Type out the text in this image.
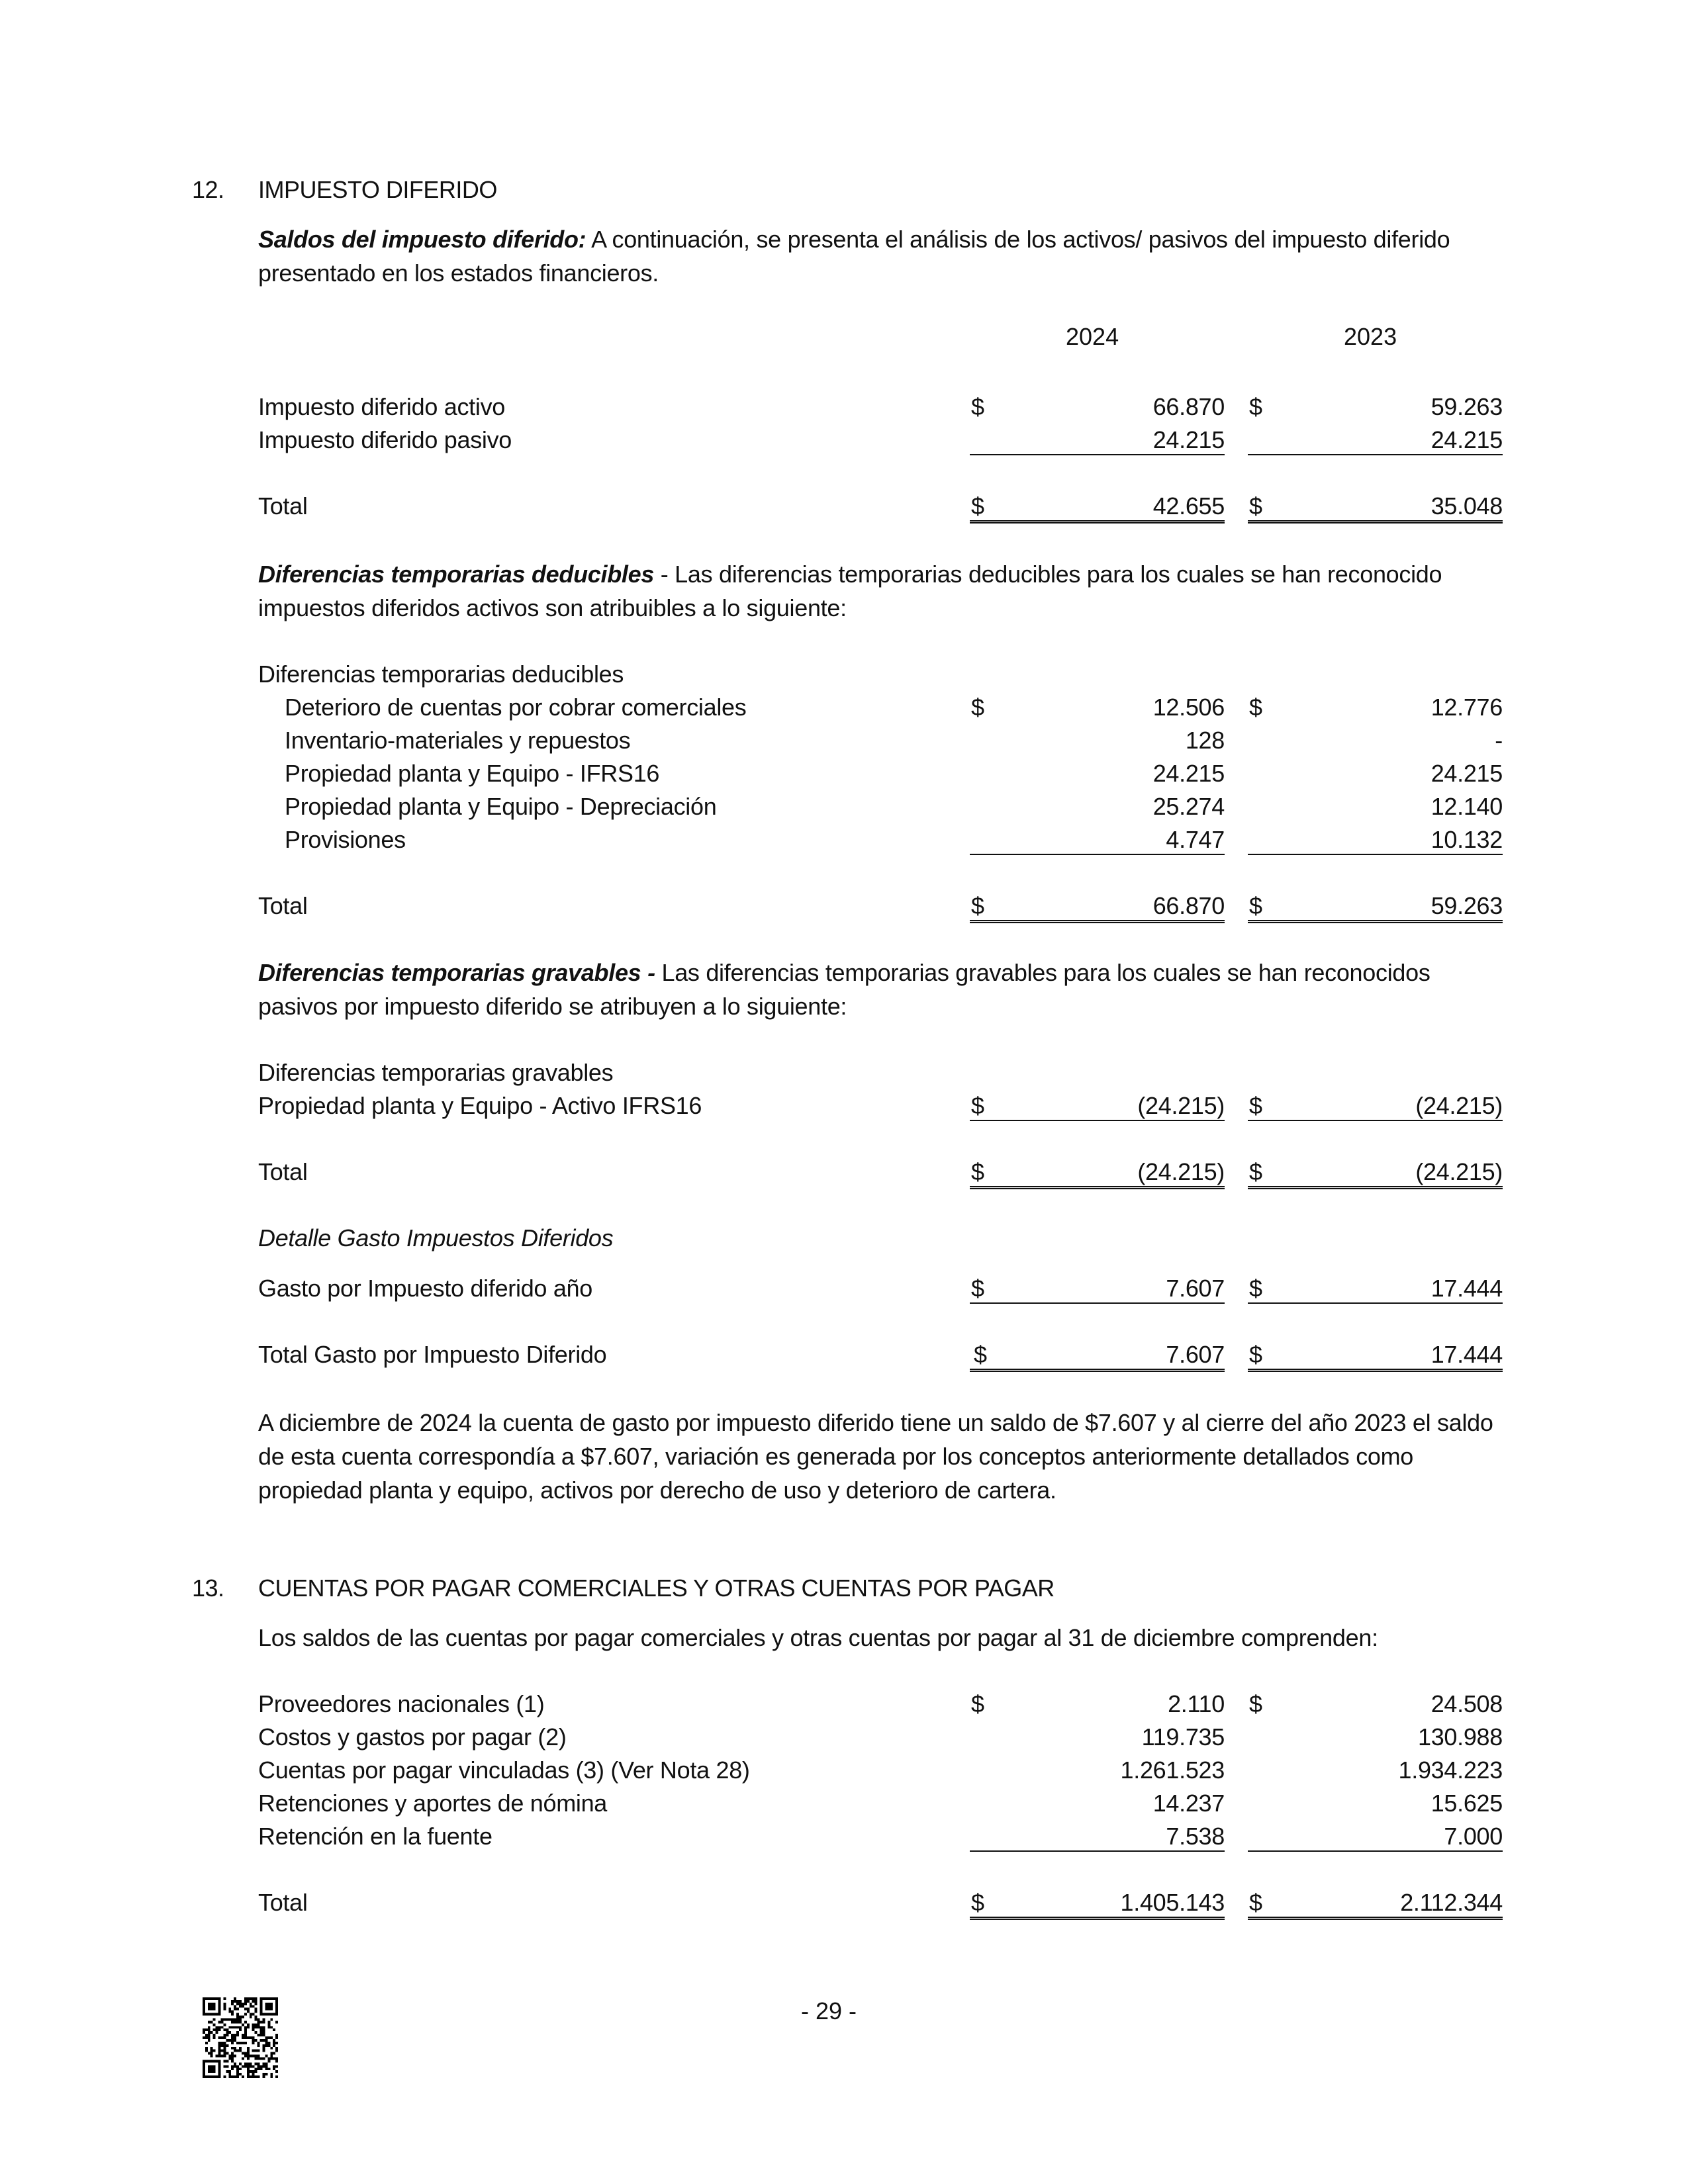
12. IMPUESTO DIFERIDO
Saldos del impuesto diferido: A continuación, se presenta el análisis de los activos/ pasivos del impuesto diferido presentado en los estados financieros.
2024	2023
Impuesto diferido activo	$	66.870 $	59.263
Impuesto diferido pasivo	24.215	24.215
Total	$	42.655 $	35.048
Diferencias temporarias deducibles - Las diferencias temporarias deducibles para los cuales se han reconocido impuestos diferidos activos son atribuibles a lo siguiente:
Diferencias temporarias deducibles
Deterioro de cuentas por cobrar comerciales	$	12.506 $	12.776
Inventario-materiales y repuestos	128	-
Propiedad planta y Equipo - IFRS16	24.215	24.215
Propiedad planta y Equipo - Depreciación	25.274	12.140
Provisiones	4.747	10.132
Total	$	66.870 $	59.263
Diferencias temporarias gravables - Las diferencias temporarias gravables para los cuales se han reconocidos pasivos por impuesto diferido se atribuyen a lo siguiente:
Diferencias temporarias gravables
Propiedad planta y Equipo - Activo IFRS16	$	(24.215) $	(24.215)
Total	$	(24.215) $	(24.215)
Detalle Gasto Impuestos Diferidos
Gasto por Impuesto diferido año	$	7.607 $	17.444
Total Gasto por Impuesto Diferido	$	7.607 $	17.444
A diciembre de 2024 la cuenta de gasto por impuesto diferido tiene un saldo de $7.607 y al cierre del año 2023 el saldo de esta cuenta correspondía a $7.607, variación es generada por los conceptos anteriormente detallados como propiedad planta y equipo, activos por derecho de uso y deterioro de cartera.
13. CUENTAS POR PAGAR COMERCIALES Y OTRAS CUENTAS POR PAGAR
Los saldos de las cuentas por pagar comerciales y otras cuentas por pagar al 31 de diciembre comprenden:
Proveedores nacionales (1)	$	2.110 $	24.508
Costos y gastos por pagar (2)	119.735	130.988
Cuentas por pagar vinculadas (3) (Ver Nota 28)	1.261.523	1.934.223
Retenciones y aportes de nómina	14.237	15.625
Retención en la fuente	7.538	7.000
Total	$	1.405.143 $	2.112.344
- 29 -
